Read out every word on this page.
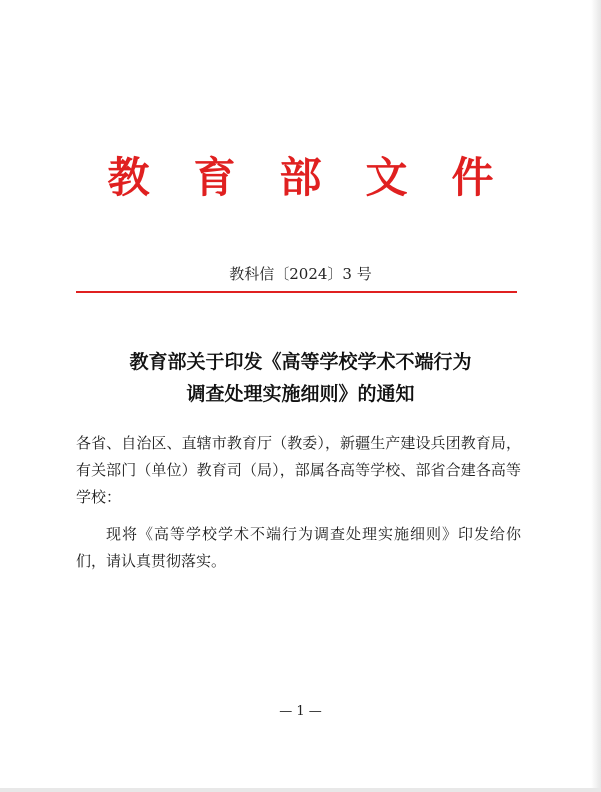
教育部文件
教科信〔2024〕3 号
教育部关于印发《高等学校学术不端行为
调查处理实施细则》的通知
各省、自治区、直辖市教育厅（教委），新疆生产建设兵团教育局，有关部门（单位）教育司（局），部属各高等学校、部省合建各高等学校：
现将《高等学校学术不端行为调查处理实施细则》印发给你们，请认真贯彻落实。
— 1 —
